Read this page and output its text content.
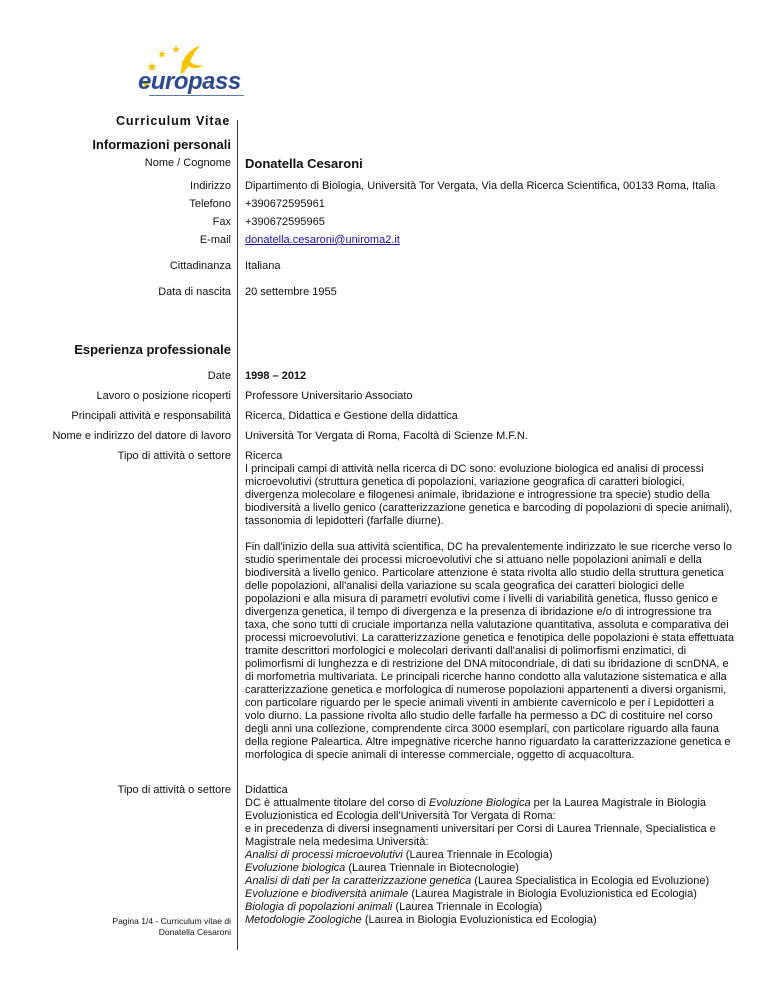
europass
Curriculum Vitae
Informazioni personali
Nome / Cognome Donatella Cesaroni
Indirizzo Dipartimento di Biologia, Università Tor Vergata, Via della Ricerca Scientifica, 00133 Roma, Italia
Telefono +390672595961
Fax +390672595965
E-mail donatella.cesaroni@uniroma2.it
Cittadinanza Italiana
Data di nascita 20 settembre 1955
Esperienza professionale
Date 1998 – 2012
Lavoro o posizione ricoperti Professore Universitario Associato
Principali attività e responsabilità Ricerca, Didattica e Gestione della didattica
Nome e indirizzo del datore di lavoro Università Tor Vergata di Roma, Facoltà di Scienze M.F.N.
Tipo di attività o settore Ricerca

I principali campi di attività nella ricerca di DC sono: evoluzione biologica ed analisi di processi microevolutivi (struttura genetica di popolazioni, variazione geografica di caratteri biologici, divergenza molecolare e filogenesi animale, ibridazione e introgressione tra specie) studio della biodiversità a livello genico (caratterizzazione genetica e barcoding di popolazioni di specie animali), tassonomia di lepidotteri (farfalle diurne).

Fin dall'inizio della sua attività scientifica, DC ha prevalentemente indirizzato le sue ricerche verso lo studio sperimentale dei processi microevolutivi che si attuano nelle popolazioni animali e della biodiversità a livello genico. Particolare attenzione è stata rivolta allo studio della struttura genetica delle popolazioni, all'analisi della variazione su scala geografica dei caratteri biologici delle popolazioni e alla misura di parametri evolutivi come i livelli di variabilità genetica, flusso genico e divergenza genetica, il tempo di divergenza e la presenza di ibridazione e/o di introgressione tra taxa, che sono tutti di cruciale importanza nella valutazione quantitativa, assoluta e comparativa dei processi microevolutivi. La caratterizzazione genetica e fenotipica delle popolazioni è stata effettuata tramite descrittori morfologici e molecolari derivanti dall'analisi di polimorfismi enzimatici, di polimorfismi di lunghezza e di restrizione del DNA mitocondriale, di dati su ibridazione di scnDNA, e di morfometria multivariata. Le principali ricerche hanno condotto alla valutazione sistematica e alla caratterizzazione genetica e morfologica di numerose popolazioni appartenenti a diversi organismi, con particolare riguardo per le specie animali viventi in ambiente cavernicolo e per i Lepidotteri a volo diurno. La passione rivolta allo studio delle farfalle ha permesso a DC di costituire nel corso degli anni una collezione, comprendente circa 3000 esemplari, con particolare riguardo alla fauna della regione Paleartica. Altre impegnative ricerche hanno riguardato la caratterizzazione genetica e morfologica di specie animali di interesse commerciale, oggetto di acquacoltura.

Tipo di attività o settore Didattica

DC è attualmente titolare del corso di Evoluzione Biologica per la Laurea Magistrale in Biologia Evoluzionistica ed Ecologia dell'Università Tor Vergata di Roma:

e in precedenza di diversi insegnamenti universitari per Corsi di Laurea Triennale, Specialistica e Magistrale nela medesima Università:

Analisi di processi microevolutivi (Laurea Triennale in Ecologia)

Evoluzione biologica (Laurea Triennale in Biotecnologie)

Analisi di dati per la caratterizzazione genetica (Laurea Specialistica in Ecologia ed Evoluzione)

Evoluzione e biodiversità animale (Laurea Magistrale in Biologia Evoluzionistica ed Ecologia)

Biologia di popolazioni animali (Laurea Triennale in Ecologia)

Metodologie Zoologiche (Laurea in Biologia Evoluzionistica ed Ecologia)

Pagina 1/4 - Curriculum vitae di
Donatella Cesaroni
